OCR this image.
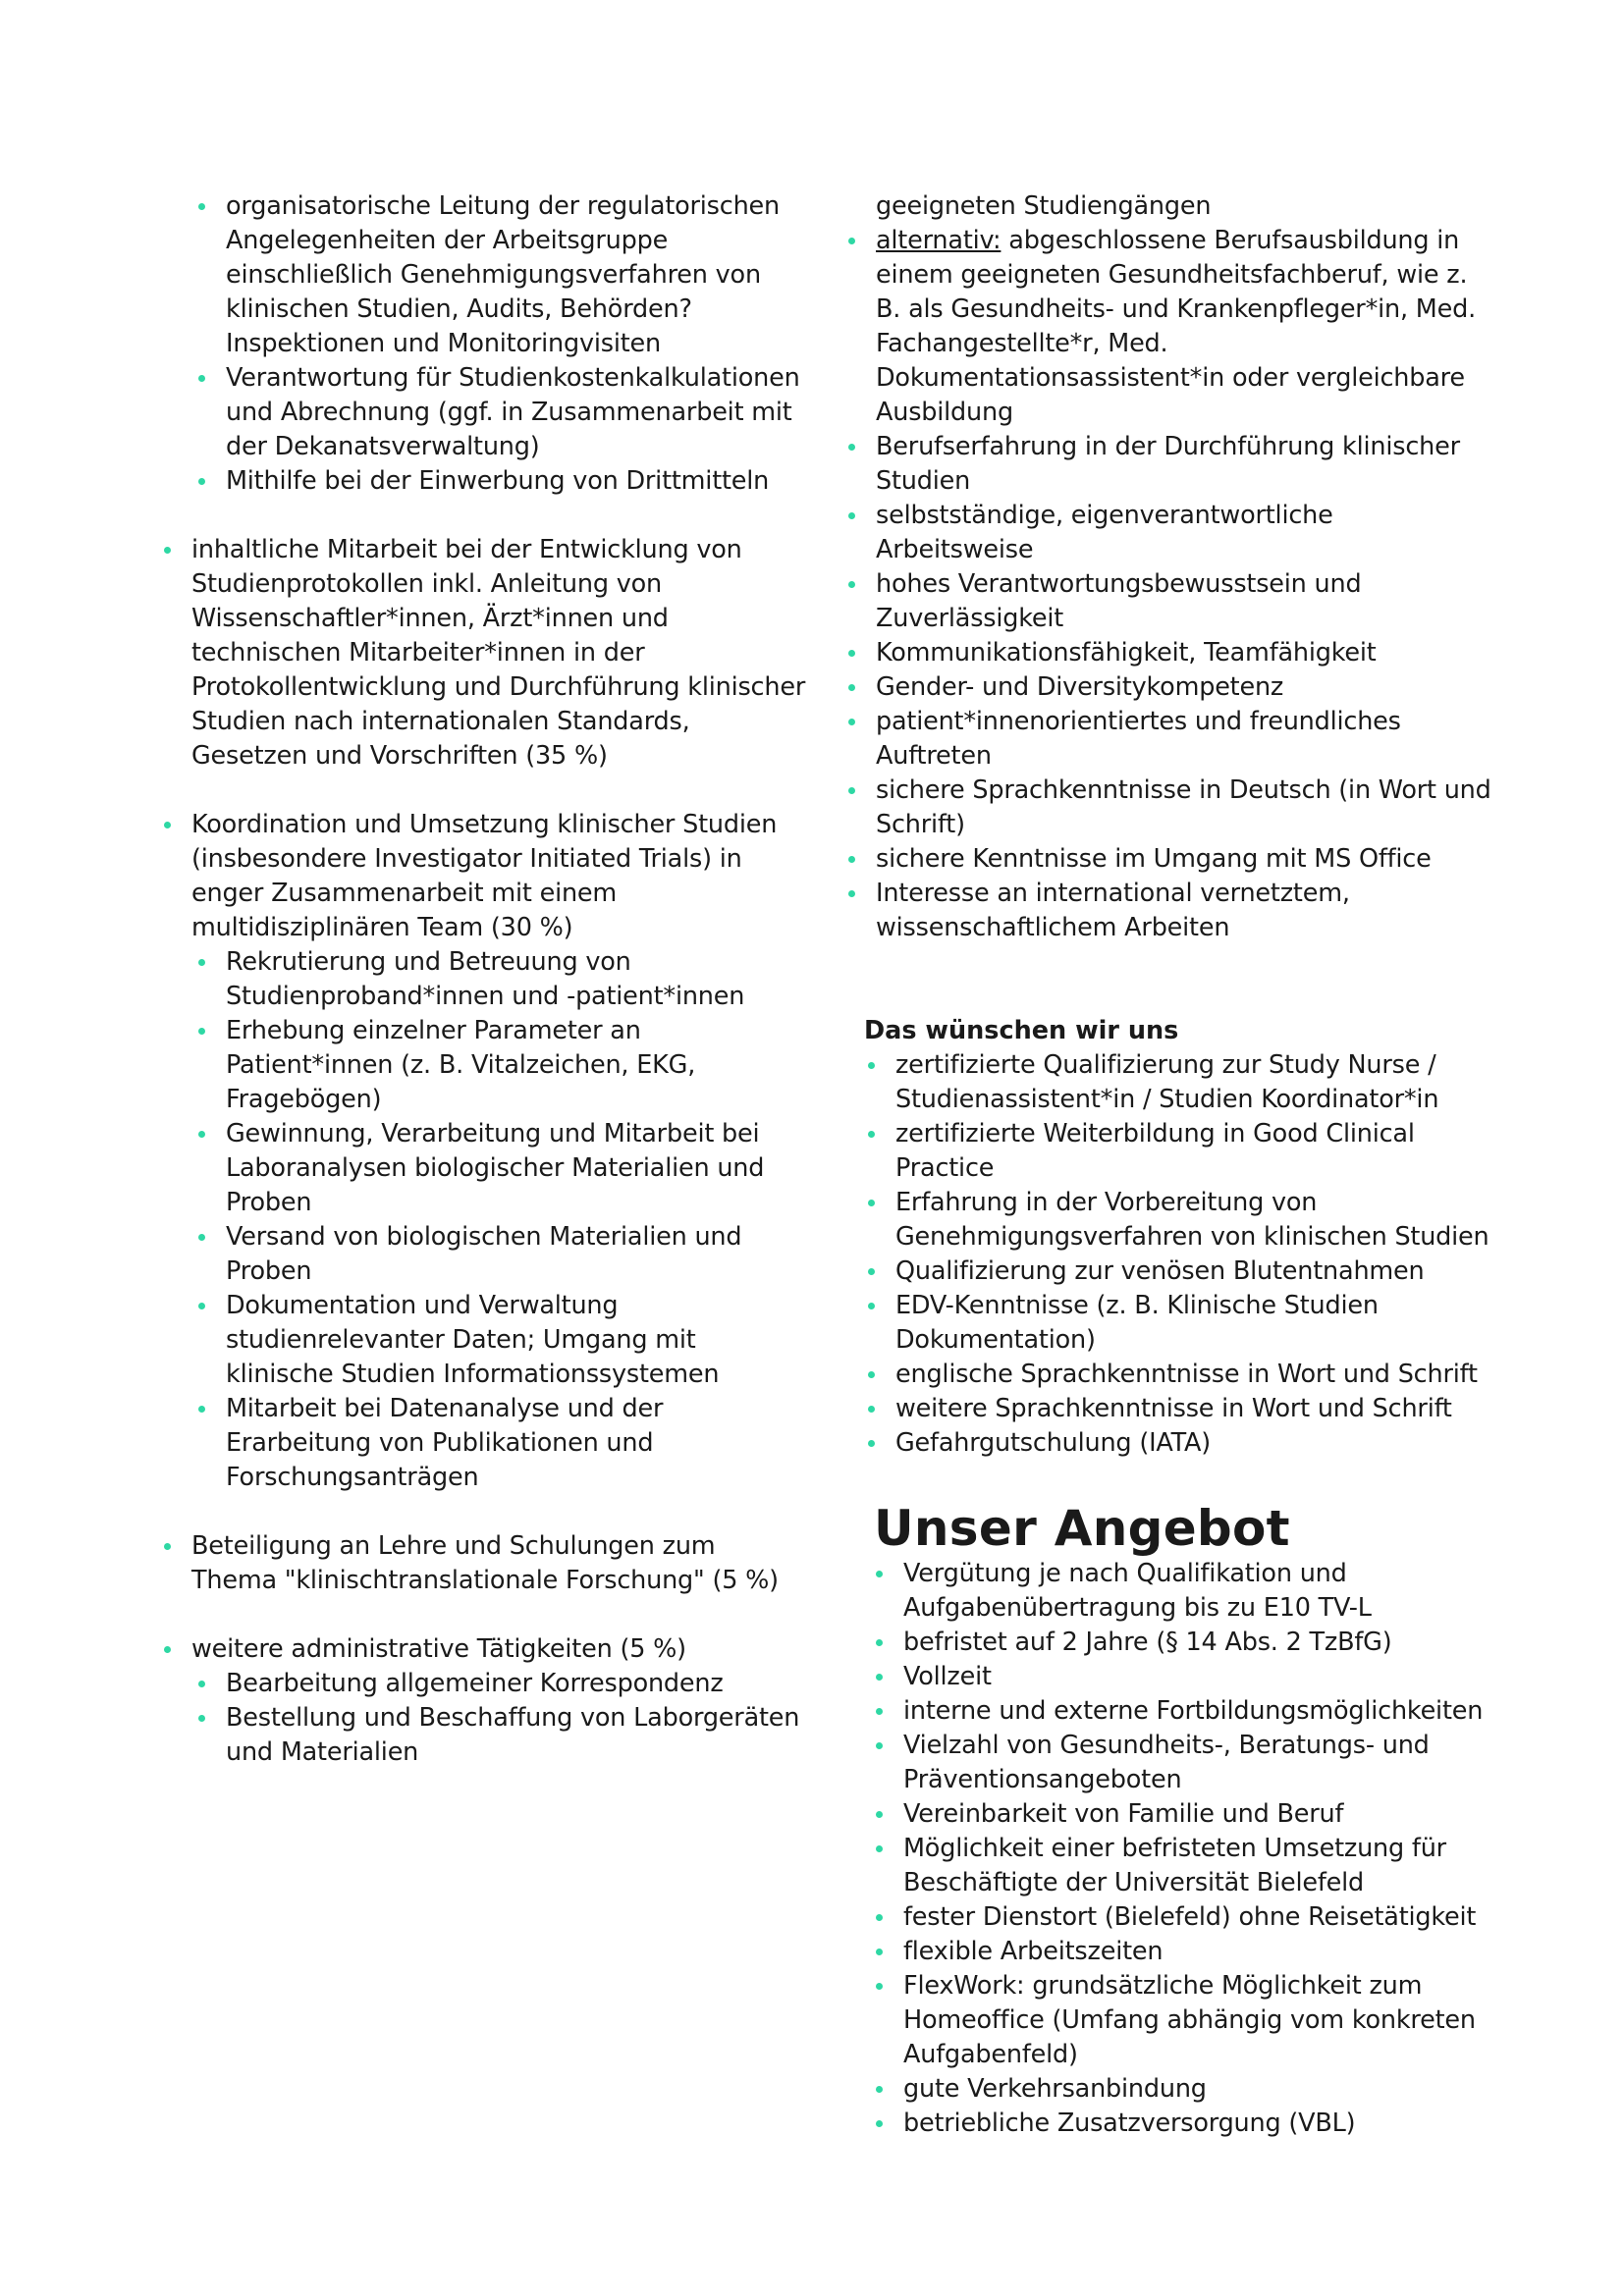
organisatorische Leitung der regulatorischen Angelegenheiten der Arbeitsgruppe einschließlich Genehmigungsverfahren von klinischen Studien, Audits, Behörden?Inspektionen und Monitoringvisiten
Verantwortung für Studienkostenkalkulationen und Abrechnung (ggf. in Zusammenarbeit mit der Dekanatsverwaltung)
Mithilfe bei der Einwerbung von Drittmitteln
inhaltliche Mitarbeit bei der Entwicklung von Studienprotokollen inkl. Anleitung von Wissenschaftler*innen, Ärzt*innen und technischen Mitarbeiter*innen in der Protokollentwicklung und Durchführung klinischer Studien nach internationalen Standards, Gesetzen und Vorschriften (35 %)
Koordination und Umsetzung klinischer Studien (insbesondere Investigator Initiated Trials) in enger Zusammenarbeit mit einem multidisziplinären Team (30 %)
Rekrutierung und Betreuung von Studienproband*innen und -patient*innen
Erhebung einzelner Parameter an Patient*innen (z. B. Vitalzeichen, EKG, Fragebögen)
Gewinnung, Verarbeitung und Mitarbeit bei Laboranalysen biologischer Materialien und Proben
Versand von biologischen Materialien und Proben
Dokumentation und Verwaltung studienrelevanter Daten; Umgang mit klinische Studien Informationssystemen
Mitarbeit bei Datenanalyse und der Erarbeitung von Publikationen und Forschungsanträgen
Beteiligung an Lehre und Schulungen zum Thema "klinischtranslationale Forschung" (5 %)
weitere administrative Tätigkeiten (5 %)
Bearbeitung allgemeiner Korrespondenz
Bestellung und Beschaffung von Laborgeräten und Materialien
geeigneten Studiengängen
alternativ: abgeschlossene Berufsausbildung in einem geeigneten Gesundheitsfachberuf, wie z. B. als Gesundheits- und Krankenpfleger*in, Med. Fachangestellte*r, Med. Dokumentationsassistent*in oder vergleichbare Ausbildung
Berufserfahrung in der Durchführung klinischer Studien
selbstständige, eigenverantwortliche Arbeitsweise
hohes Verantwortungsbewusstsein und Zuverlässigkeit
Kommunikationsfähigkeit, Teamfähigkeit
Gender- und Diversitykompetenz
patient*innenorientiertes und freundliches Auftreten
sichere Sprachkenntnisse in Deutsch (in Wort und Schrift)
sichere Kenntnisse im Umgang mit MS Office
Interesse an international vernetztem, wissenschaftlichem Arbeiten
Das wünschen wir uns
zertifizierte Qualifizierung zur Study Nurse / Studienassistent*in / Studien Koordinator*in
zertifizierte Weiterbildung in Good Clinical Practice
Erfahrung in der Vorbereitung von Genehmigungsverfahren von klinischen Studien
Qualifizierung zur venösen Blutentnahmen
EDV-Kenntnisse (z. B. Klinische Studien Dokumentation)
englische Sprachkenntnisse in Wort und Schrift
weitere Sprachkenntnisse in Wort und Schrift
Gefahrgutschulung (IATA)
Unser Angebot
Vergütung je nach Qualifikation und Aufgabenübertragung bis zu E10 TV-L
befristet auf 2 Jahre (§ 14 Abs. 2 TzBfG)
Vollzeit
interne und externe Fortbildungsmöglichkeiten
Vielzahl von Gesundheits-, Beratungs- und Präventionsangeboten
Vereinbarkeit von Familie und Beruf
Möglichkeit einer befristeten Umsetzung für Beschäftigte der Universität Bielefeld
fester Dienstort (Bielefeld) ohne Reisetätigkeit
flexible Arbeitszeiten
FlexWork: grundsätzliche Möglichkeit zum Homeoffice (Umfang abhängig vom konkreten Aufgabenfeld)
gute Verkehrsanbindung
betriebliche Zusatzversorgung (VBL)
